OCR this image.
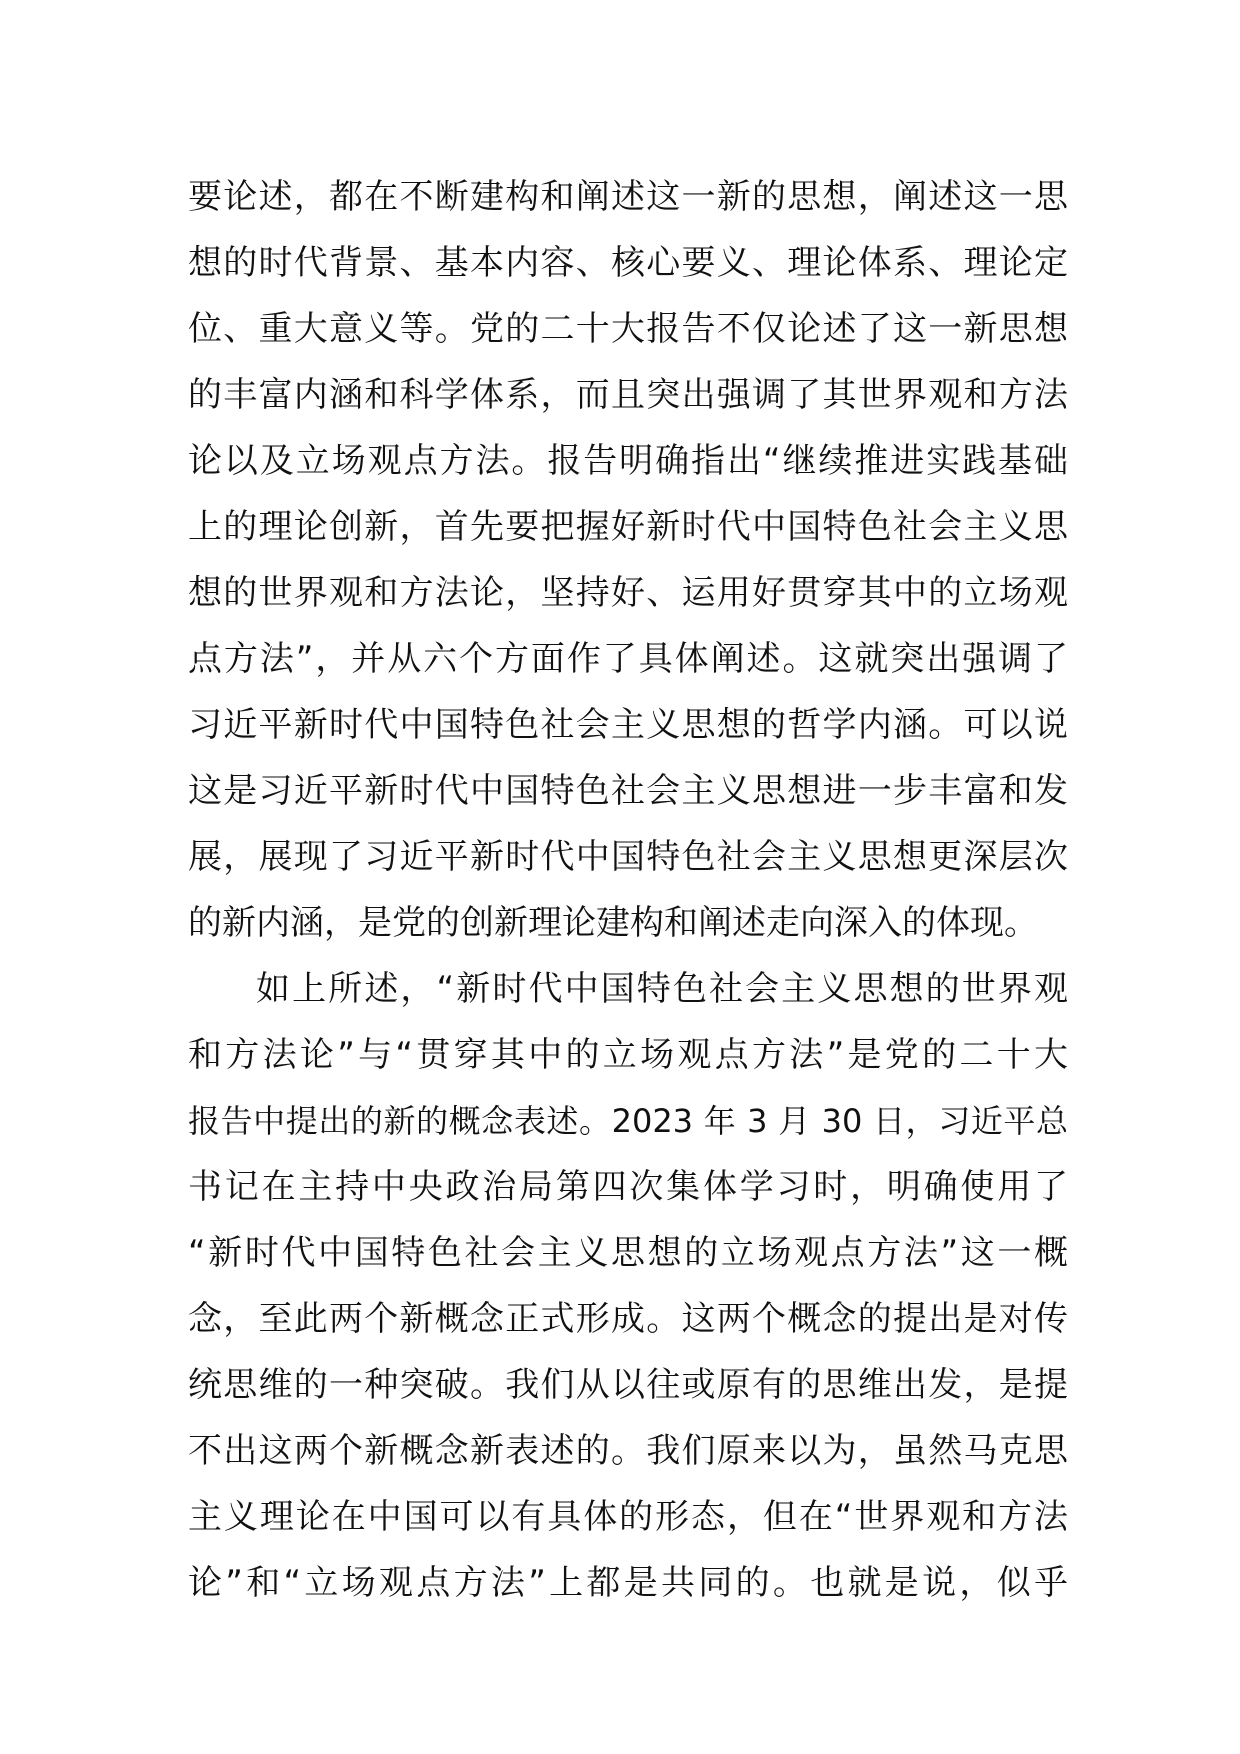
要论述，都在不断建构和阐述这一新的思想，阐述这一思
想的时代背景、基本内容、核心要义、理论体系、理论定
位、重大意义等。党的二十大报告不仅论述了这一新思想
的丰富内涵和科学体系，而且突出强调了其世界观和方法
论以及立场观点方法。报告明确指出“继续推进实践基础
上的理论创新，首先要把握好新时代中国特色社会主义思
想的世界观和方法论，坚持好、运用好贯穿其中的立场观
点方法”，并从六个方面作了具体阐述。这就突出强调了
习近平新时代中国特色社会主义思想的哲学内涵。可以说
这是习近平新时代中国特色社会主义思想进一步丰富和发
展，展现了习近平新时代中国特色社会主义思想更深层次
的新内涵，是党的创新理论建构和阐述走向深入的体现。
如上所述，“新时代中国特色社会主义思想的世界观
和方法论”与“贯穿其中的立场观点方法”是党的二十大
报告中提出的新的概念表述。2023 年 3 月 30 日，习近平总
书记在主持中央政治局第四次集体学习时，明确使用了
“新时代中国特色社会主义思想的立场观点方法”这一概
念，至此两个新概念正式形成。这两个概念的提出是对传
统思维的一种突破。我们从以往或原有的思维出发，是提
不出这两个新概念新表述的。我们原来以为，虽然马克思
主义理论在中国可以有具体的形态，但在“世界观和方法
论”和“立场观点方法”上都是共同的。也就是说，似乎
